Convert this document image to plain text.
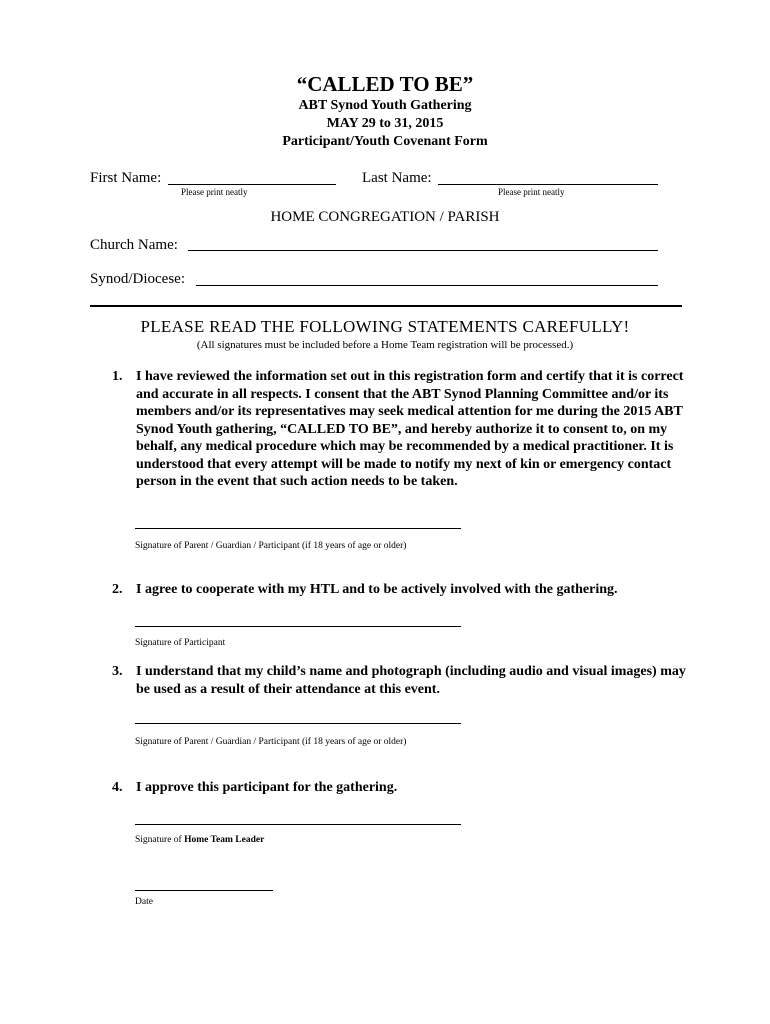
“CALLED TO BE”
ABT Synod Youth Gathering
MAY 29 to 31, 2015
Participant/Youth Covenant Form
First Name:
Please print neatly
Last Name:
Please print neatly
HOME CONGREGATION / PARISH
Church Name:
Synod/Diocese:
PLEASE READ THE FOLLOWING STATEMENTS CAREFULLY!
(All signatures must be included before a Home Team registration will be processed.)
1. I have reviewed the information set out in this registration form and certify that it is correct and accurate in all respects. I consent that the ABT Synod Planning Committee and/or its members and/or its representatives may seek medical attention for me during the 2015 ABT Synod Youth gathering, “CALLED TO BE”, and hereby authorize it to consent to, on my behalf, any medical procedure which may be recommended by a medical practitioner. It is understood that every attempt will be made to notify my next of kin or emergency contact person in the event that such action needs to be taken.
Signature of Parent / Guardian / Participant (if 18 years of age or older)
2. I agree to cooperate with my HTL and to be actively involved with the gathering.
Signature of Participant
3. I understand that my child’s name and photograph (including audio and visual images) may be used as a result of their attendance at this event.
Signature of Parent / Guardian / Participant (if 18 years of age or older)
4. I approve this participant for the gathering.
Signature of Home Team Leader
Date
